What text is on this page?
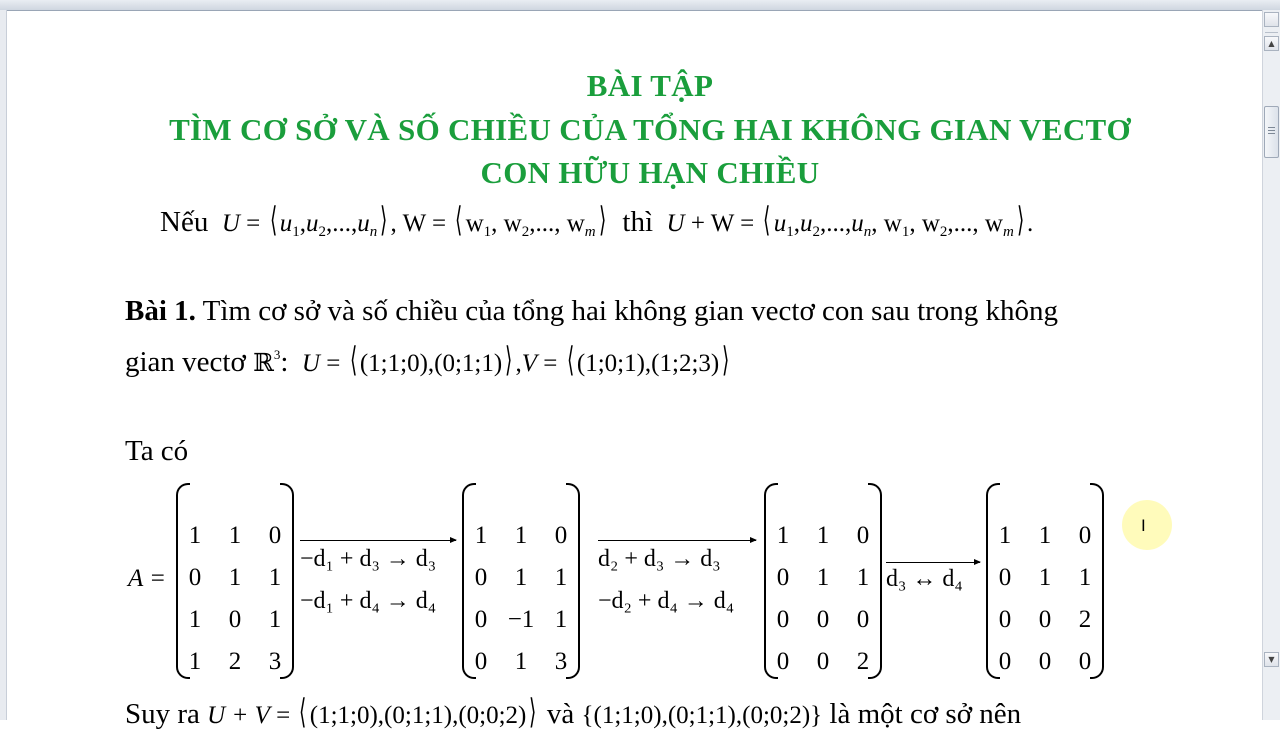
BÀI TẬP
TÌM CƠ SỞ VÀ SỐ CHIỀU CỦA TỔNG HAI KHÔNG GIAN VECTƠ
CON HỮU HẠN CHIỀU
Nếu U = ⟨ $u_1,u_2,...,u_n⟩$ , W = ⟨ $w_1$, $w_2$,..., $w_m⟩$ thì U + W = ⟨ $u_1,u_2,...,u_n$, $w_1$, $w_2$,..., $w_m⟩$ .
Bài 1. Tìm cơ sở và số chiều của tổng hai không gian vectơ con sau trong không
gian vectơ ℝ$^3$: U = ⟨ (1;1;0),(0;1;1)⟩ ,V = ⟨ (1;0;1),(1;2;3)⟩
Ta có
A =
1	1	0
0	1	1
1	0	1
1	2	3
1	1	0
0	1	1
0 −1 1
0	1	3
1	1	0
0	1	1
0	0	0
0	0	2
1	1	0
0	1	1
0	0	2
0	0	0
−d₁ + d₃ → d₃
−d₁ + d₄ → d₄
d₂ + d₃ → d₃
−d₂ + d₄ → d₄
d₃ ↔ d₄
Suy ra U + V = ⟨ (1;1;0),(0;1;1),(0;0;2)⟩ và {(1;1;0),(0;1;1),(0;0;2)} là một cơ sở nên
I
▲
▼
